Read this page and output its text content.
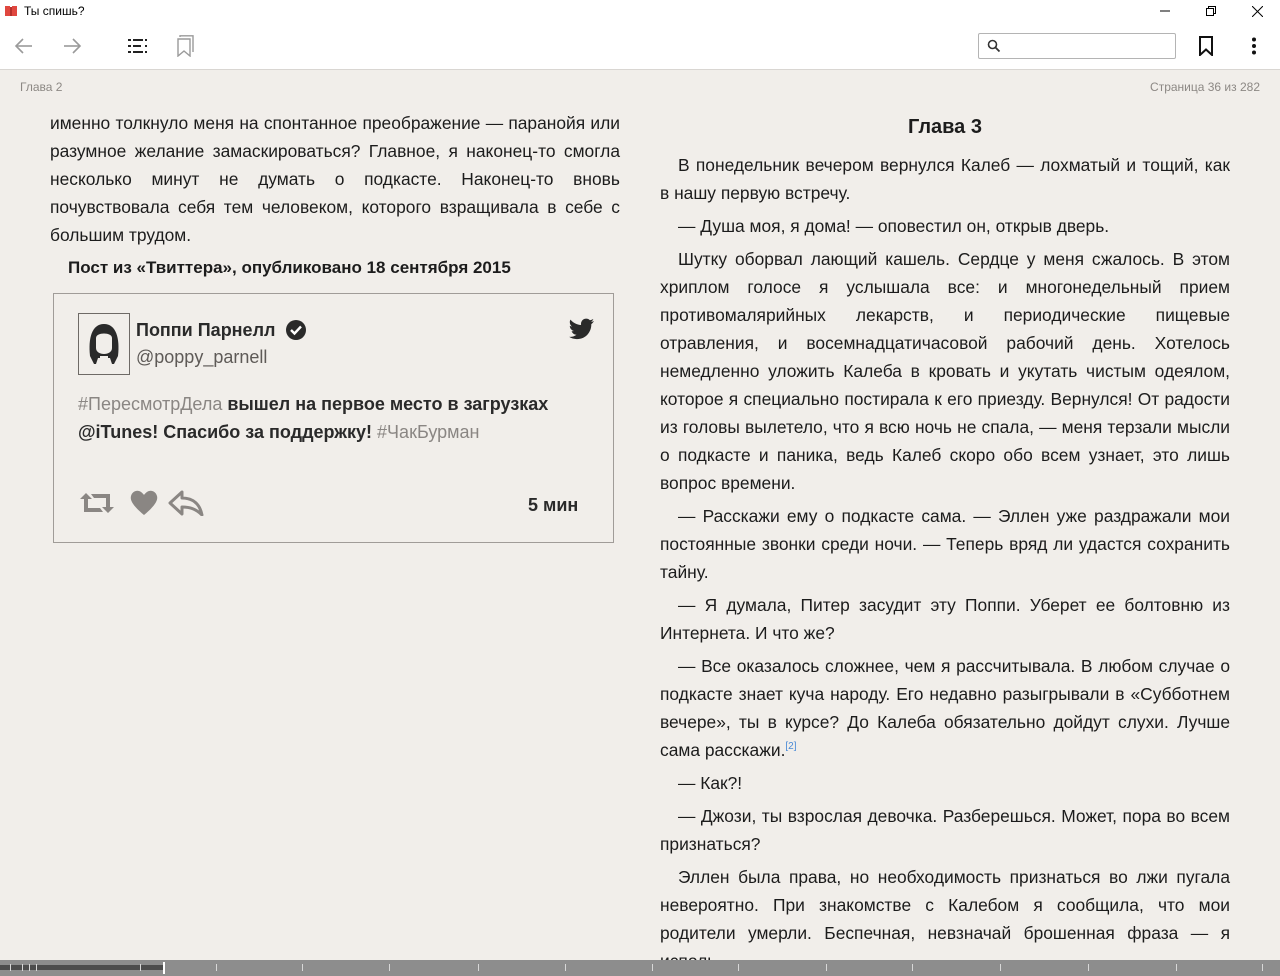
Ты спишь?
Глава 2	Страница 36 из 282

именно толкнуло меня на спонтанное преображение — паранойя или разумное желание замаскироваться? Главное, я наконец-то смогла несколько минут не думать о подкасте. Наконец-то вновь почувствовала себя тем человеком, которого взращивала в себе с большим трудом.

Пост из «Твиттера», опубликовано 18 сентября 2015
Поппи Парнелл
@poppy_parnell
#ПересмотрДела вышел на первое место в загрузках @iTunes! Спасибо за поддержку! #ЧакБурман
5 мин
Глава 3

В понедельник вечером вернулся Калеб — лохматый и тощий, как в нашу первую встречу.

— Душа моя, я дома! — оповестил он, открыв дверь.

Шутку оборвал лающий кашель. Сердце у меня сжалось. В этом хриплом голосе я услышала все: и многонедельный прием противомалярийных лекарств, и периодические пищевые отравления, и восемнадцатичасовой рабочий день. Хотелось немедленно уложить Калеба в кровать и укутать чистым одеялом, которое я специально постирала к его приезду. Вернулся! От радости из головы вылетело, что я всю ночь не спала, — меня терзали мысли о подкасте и паника, ведь Калеб скоро обо всем узнает, это лишь вопрос времени.

— Расскажи ему о подкасте сама. — Эллен уже раздражали мои постоянные звонки среди ночи. — Теперь вряд ли удастся сохранить тайну.

— Я думала, Питер засудит эту Поппи. Уберет ее болтовню из Интернета. И что же?

— Все оказалось сложнее, чем я рассчитывала. В любом случае о подкасте знает куча народу. Его недавно разыгрывали в «Субботнем вечере», ты в курсе? До Калеба обязательно дойдут слухи. Лучше сама расскажи.[2]

— Как?!

— Джози, ты взрослая девочка. Разберешься. Может, пора во всем признаться?

Эллен была права, но необходимость признаться во лжи пугала невероятно. При знакомстве с Калебом я сообщила, что мои родители умерли. Беспечная, невзначай брошенная фраза — я
